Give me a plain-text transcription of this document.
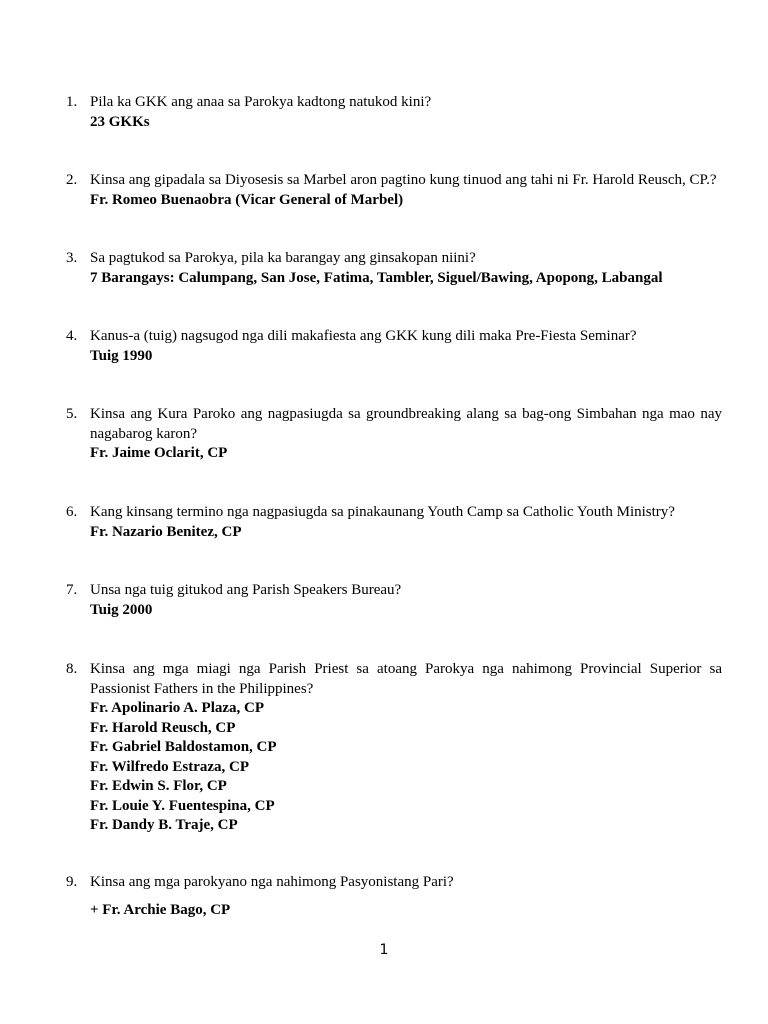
1. Pila ka GKK ang anaa sa Parokya kadtong natukod kini?
23 GKKs
2. Kinsa ang gipadala sa Diyosesis sa Marbel aron pagtino kung tinuod ang tahi ni Fr. Harold Reusch, CP.?
Fr. Romeo Buenaobra (Vicar General of Marbel)
3. Sa pagtukod sa Parokya, pila ka barangay ang ginsakopan niini?
7 Barangays: Calumpang, San Jose, Fatima, Tambler, Siguel/Bawing, Apopong, Labangal
4. Kanus-a (tuig) nagsugod nga dili makafiesta ang GKK kung dili maka Pre-Fiesta Seminar?
Tuig 1990
5. Kinsa ang Kura Paroko ang nagpasiugda sa groundbreaking alang sa bag-ong Simbahan nga mao nay nagabarog karon?
Fr. Jaime Oclarit, CP
6. Kang kinsang termino nga nagpasiugda sa pinakaunang Youth Camp sa Catholic Youth Ministry?
Fr. Nazario Benitez, CP
7. Unsa nga tuig gitukod ang Parish Speakers Bureau?
Tuig 2000
8. Kinsa ang mga miagi nga Parish Priest sa atoang Parokya nga nahimong Provincial Superior sa Passionist Fathers in the Philippines?
Fr. Apolinario A. Plaza, CP
Fr. Harold Reusch, CP
Fr. Gabriel Baldostamon, CP
Fr. Wilfredo Estraza, CP
Fr. Edwin S. Flor, CP
Fr. Louie Y. Fuentespina, CP
Fr. Dandy B. Traje, CP
9. Kinsa ang mga parokyano nga nahimong Pasyonistang Pari?
+ Fr. Archie Bago, CP
1
